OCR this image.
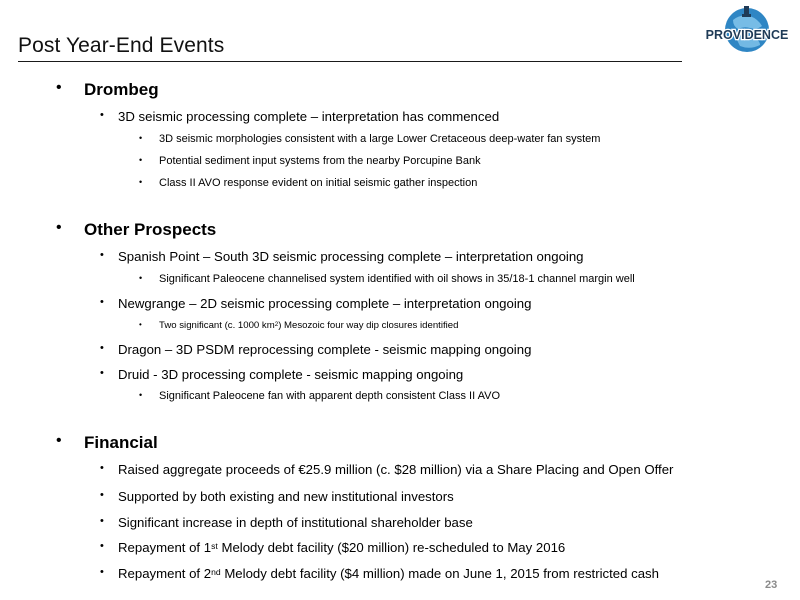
Post Year-End Events	PROVIDENCE
• Drombeg
• 3D seismic processing complete – interpretation has commenced
• 3D seismic morphologies consistent with a large Lower Cretaceous deep-water fan system
• Potential sediment input systems from the nearby Porcupine Bank
• Class II AVO response evident on initial seismic gather inspection
• Other Prospects
• Spanish Point – South 3D seismic processing complete – interpretation ongoing
• Significant Paleocene channelised system identified with oil shows in 35/18-1 channel margin well
• Newgrange – 2D seismic processing complete – interpretation ongoing
• Two significant (c. 1000 $km^2$) Mesozoic four way dip closures identified
• Dragon – 3D PSDM reprocessing complete - seismic mapping ongoing
• Druid - 3D processing complete - seismic mapping ongoing
• Significant Paleocene fan with apparent depth consistent Class II AVO
• Financial
• Raised aggregate proceeds of €25.9 million (c. $28 million) via a Share Placing and Open Offer
• Supported by both existing and new institutional investors
• Significant increase in depth of institutional shareholder base
• Repayment of 1st Melody debt facility ($20 million) re-scheduled to May 2016
• Repayment of 2nd Melody debt facility ($4 million) made on June 1, 2015 from restricted cash
23
